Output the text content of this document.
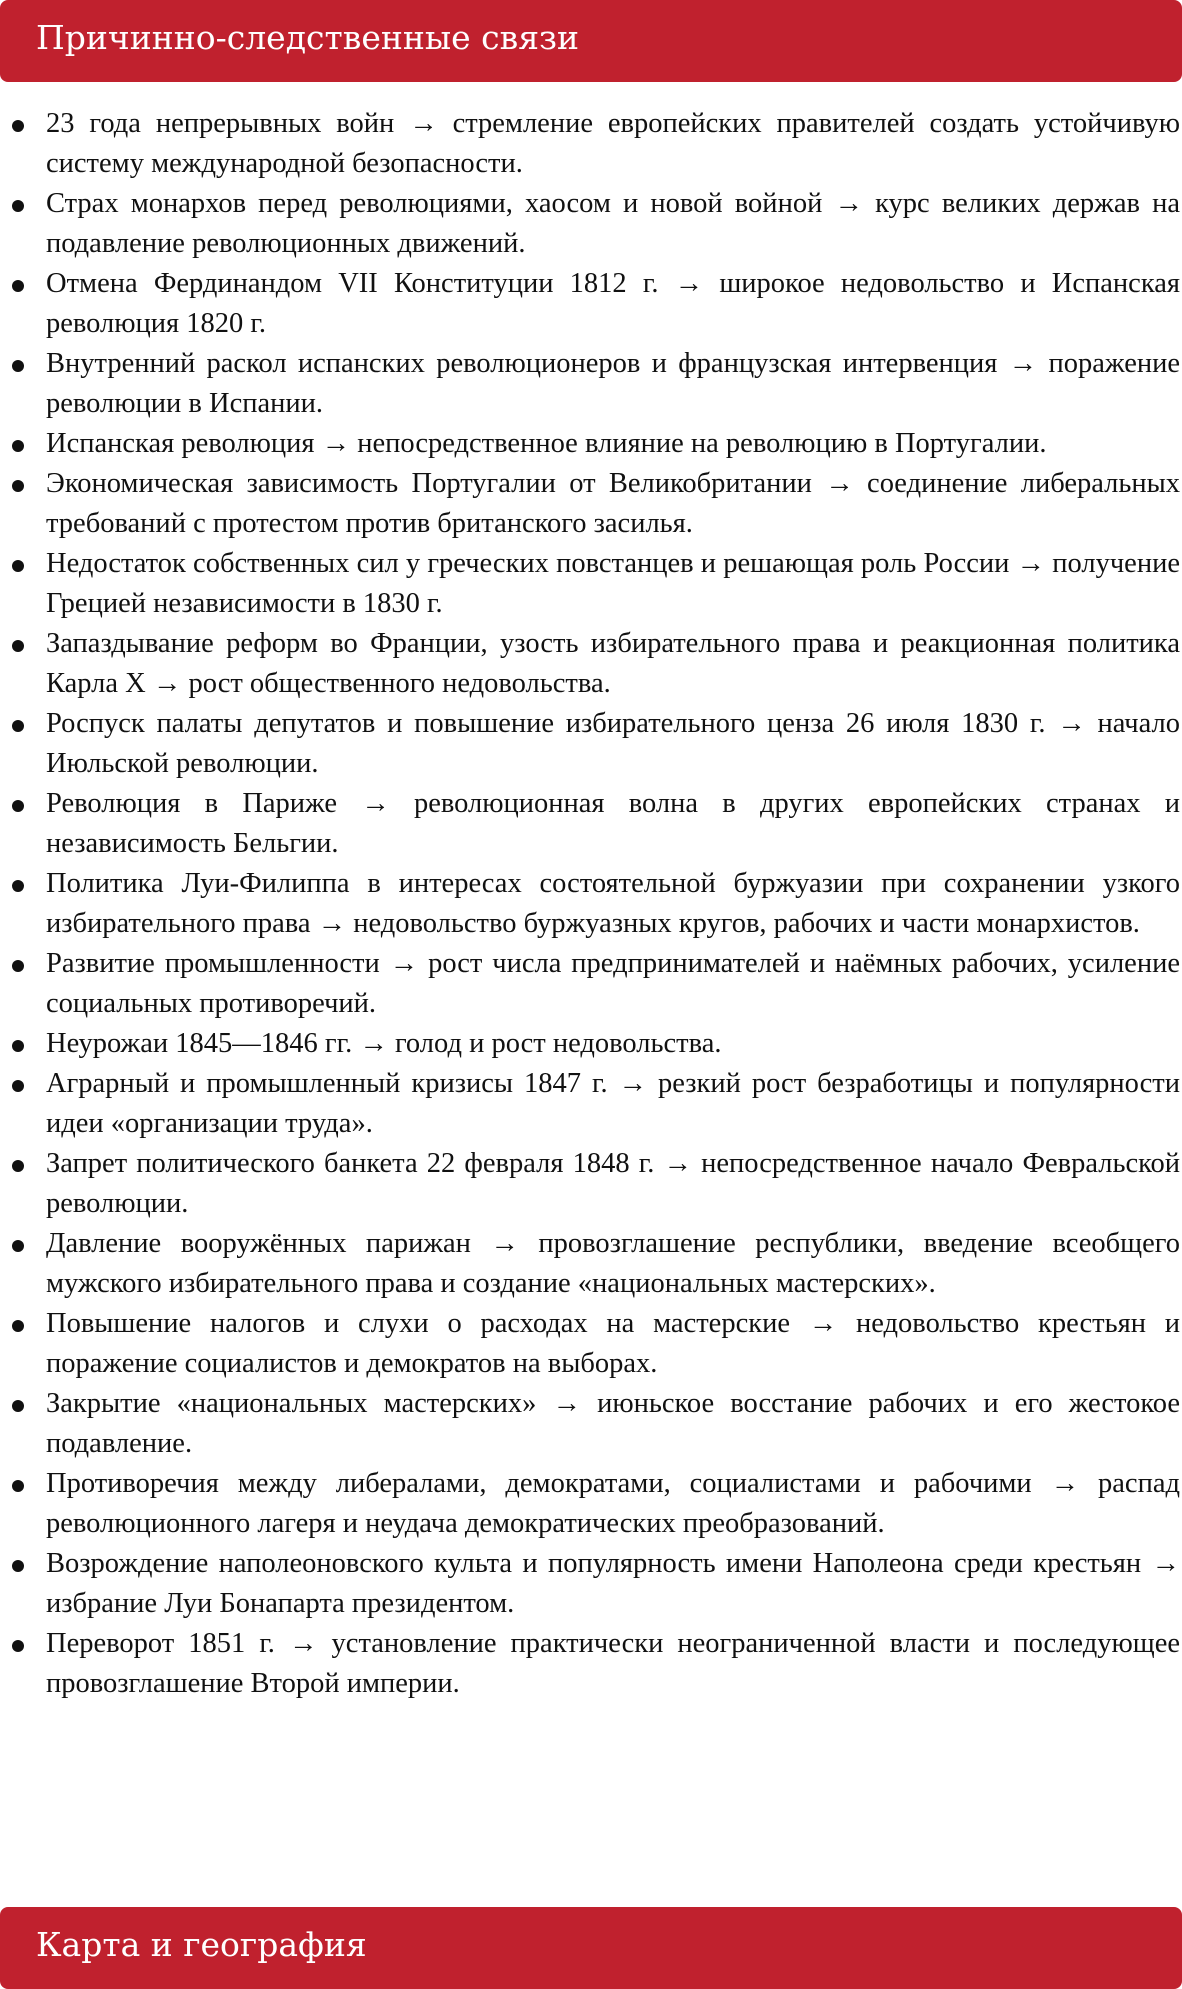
Причинно-следственные связи
23 года непрерывных войн → стремление европейских правителей создать устойчивую систему международной безопасности.
Страх монархов перед революциями, хаосом и новой войной → курс великих держав на подавление революционных движений.
Отмена Фердинандом VII Конституции 1812 г. → широкое недовольство и Испанская революция 1820 г.
Внутренний раскол испанских революционеров и французская интервенция → поражение революции в Испании.
Испанская революция → непосредственное влияние на революцию в Португалии.
Экономическая зависимость Португалии от Великобритании → соединение либеральных требований с протестом против британского засилья.
Недостаток собственных сил у греческих повстанцев и решающая роль России → получение Грецией независимости в 1830 г.
Запаздывание реформ во Франции, узость избирательного права и реакционная политика Карла X → рост общественного недовольства.
Роспуск палаты депутатов и повышение избирательного ценза 26 июля 1830 г. → начало Июльской революции.
Революция в Париже → революционная волна в других европейских странах и независимость Бельгии.
Политика Луи-Филиппа в интересах состоятельной буржуазии при сохранении узкого избирательного права → недовольство буржуазных кругов, рабочих и части монархистов.
Развитие промышленности → рост числа предпринимателей и наёмных рабочих, усиление социальных противоречий.
Неурожаи 1845—1846 гг. → голод и рост недовольства.
Аграрный и промышленный кризисы 1847 г. → резкий рост безработицы и популярности идеи «организации труда».
Запрет политического банкета 22 февраля 1848 г. → непосредственное начало Февральской революции.
Давление вооружённых парижан → провозглашение республики, введение всеобщего мужского избирательного права и создание «национальных мастерских».
Повышение налогов и слухи о расходах на мастерские → недовольство крестьян и поражение социалистов и демократов на выборах.
Закрытие «национальных мастерских» → июньское восстание рабочих и его жестокое подавление.
Противоречия между либералами, демократами, социалистами и рабочими → распад революционного лагеря и неудача демократических преобразований.
Возрождение наполеоновского культа и популярность имени Наполеона среди крестьян → избрание Луи Бонапарта президентом.
Переворот 1851 г. → установление практически неограниченной власти и последующее провозглашение Второй империи.
Карта и география
